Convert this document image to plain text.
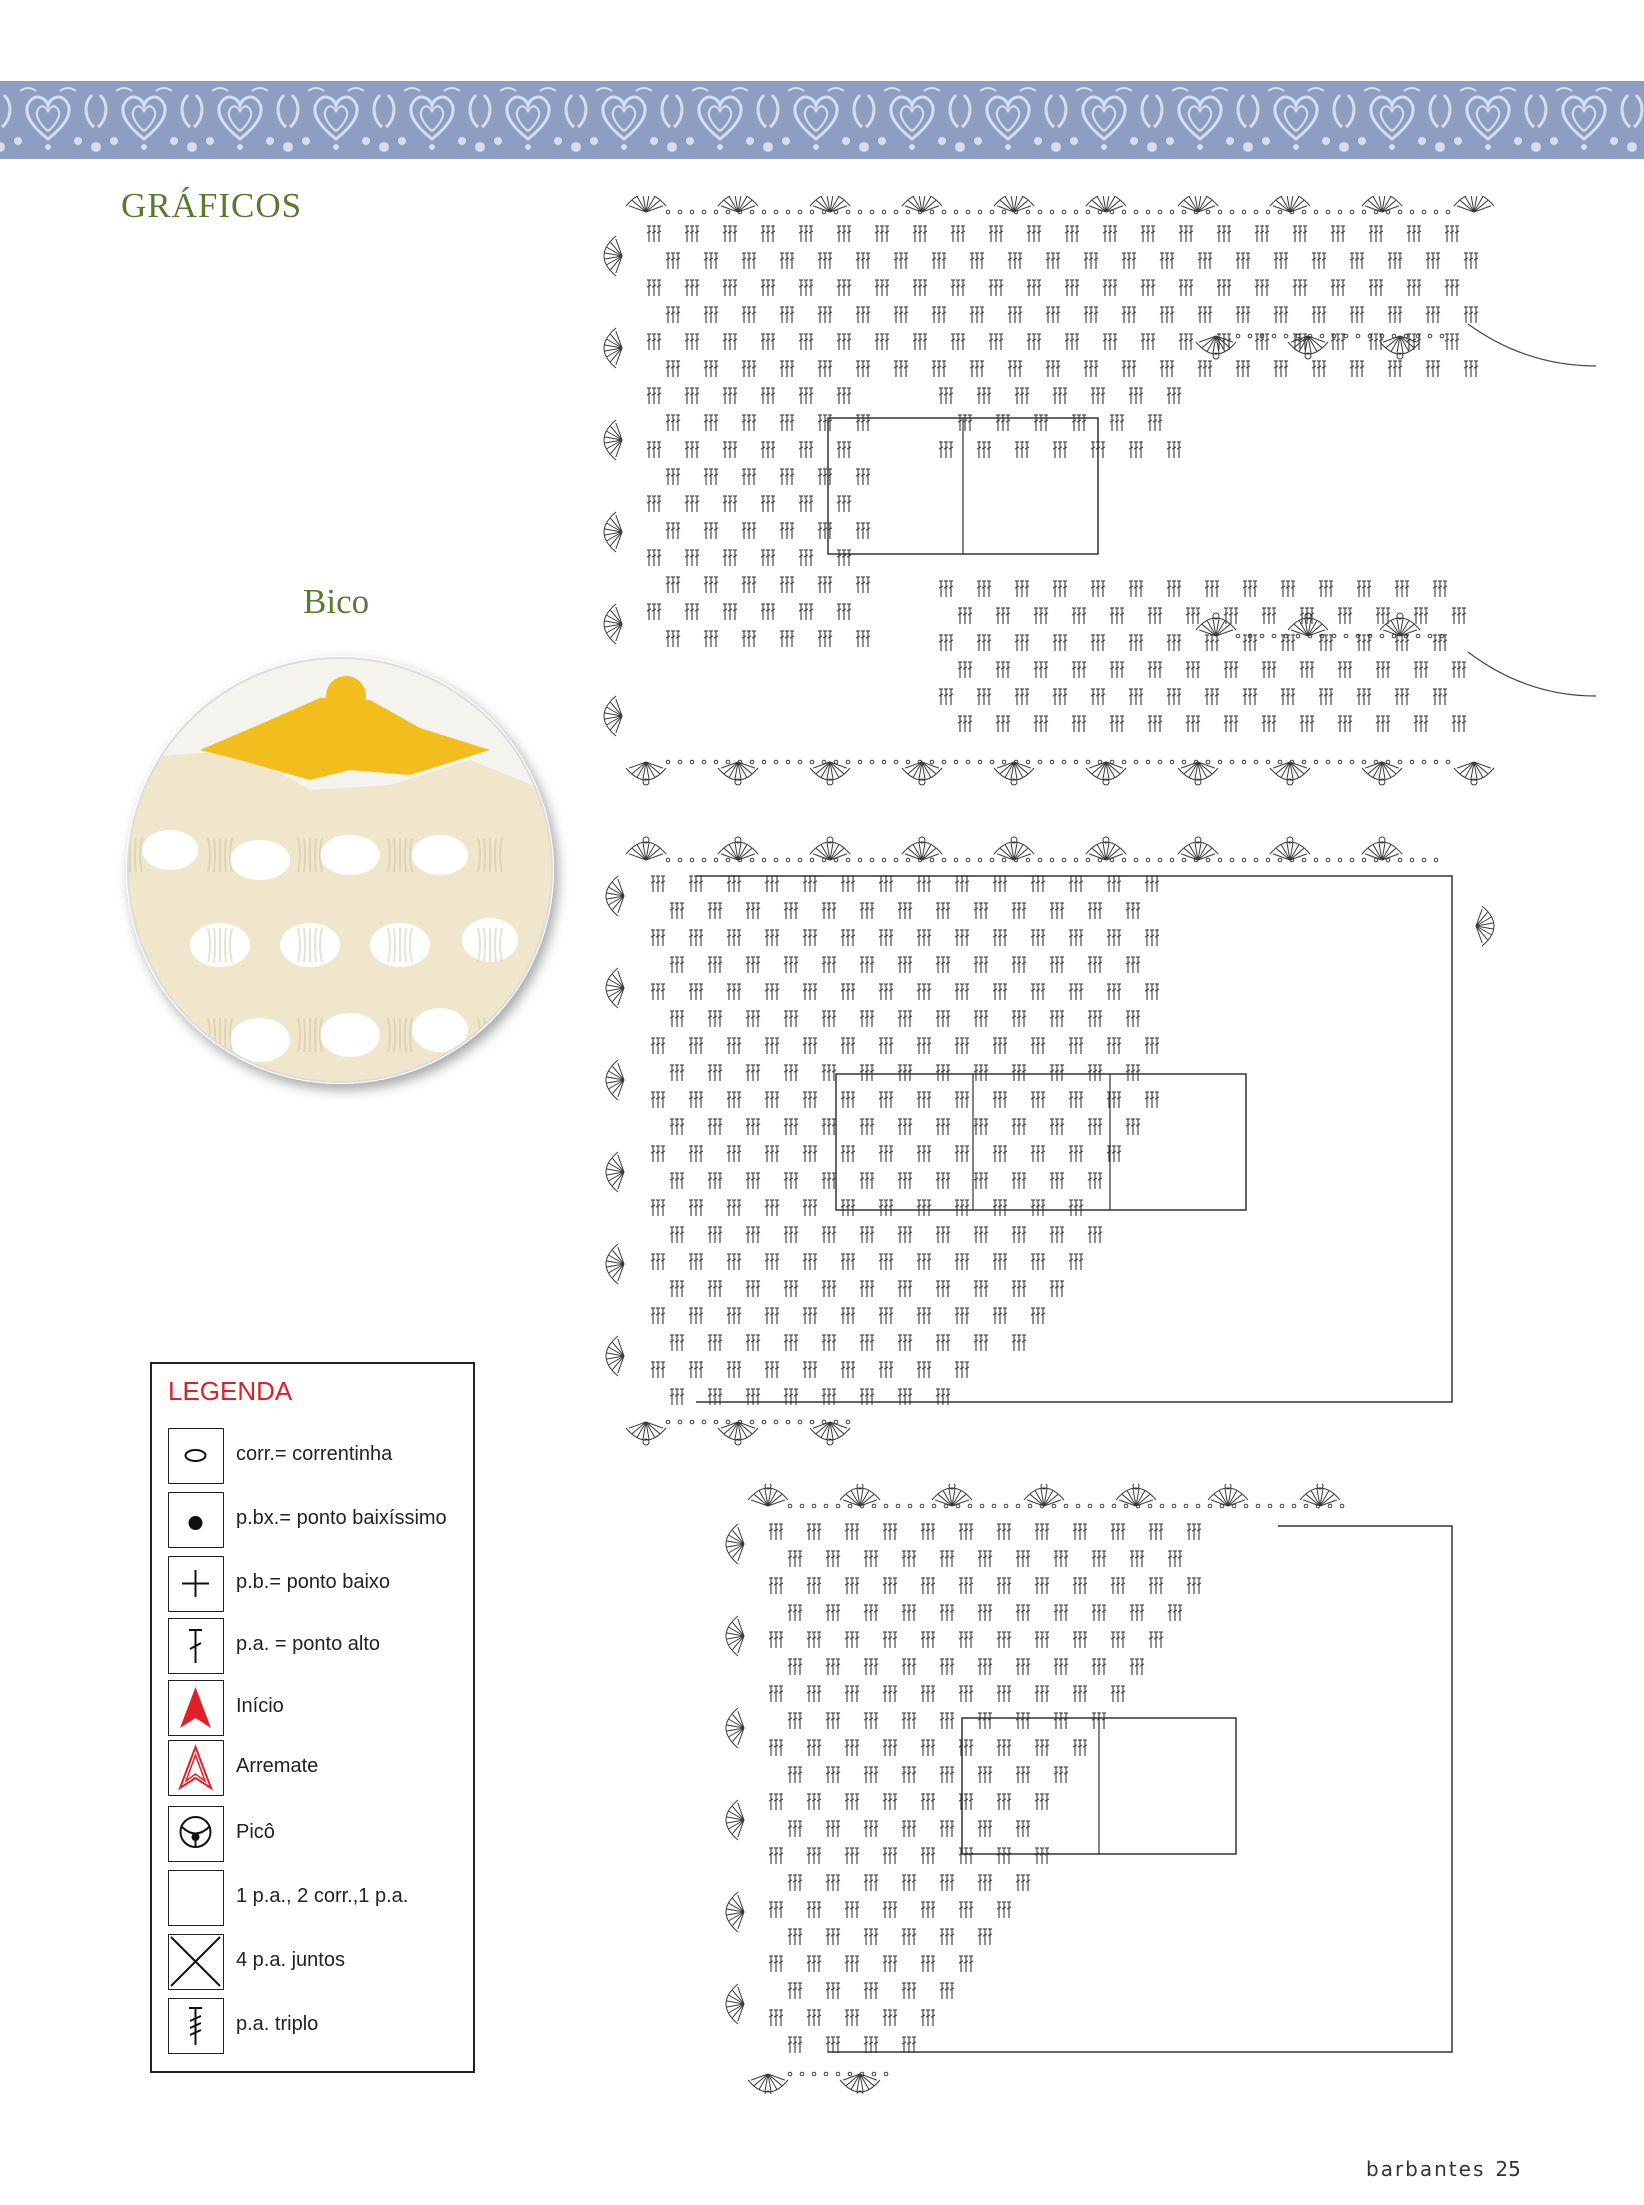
GRÁFICOS

Bico

LEGENDA
corr.= correntinha
p.bx.= ponto baixíssimo
p.b.= ponto baixo
p.a. = ponto alto
Início
Arremate
Picô
1 p.a., 2 corr.,1 p.a.
4 p.a. juntos
p.a. triplo
barbantes 25
